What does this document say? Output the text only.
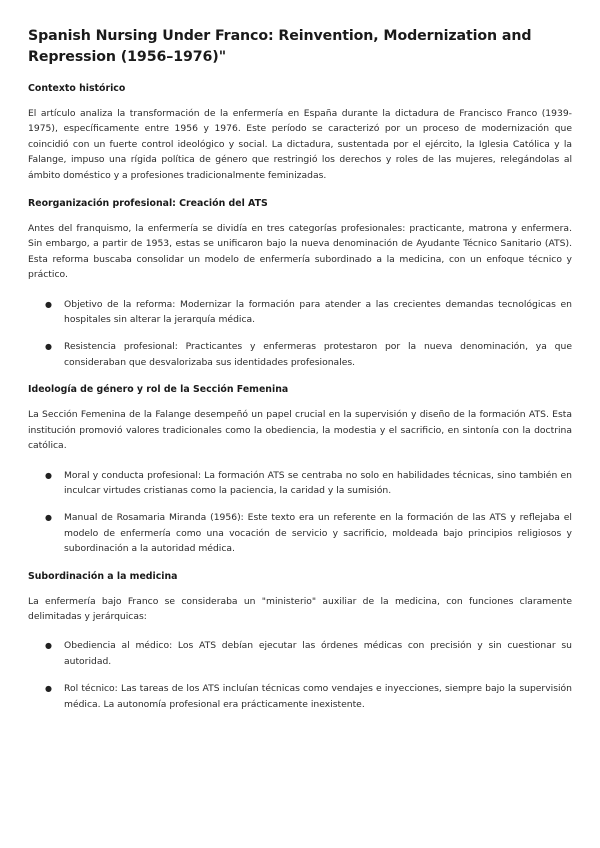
Spanish Nursing Under Franco: Reinvention, Modernization and Repression (1956–1976)"
Contexto histórico

El artículo analiza la transformación de la enfermería en España durante la dictadura de Francisco Franco (1939-1975), específicamente entre 1956 y 1976. Este período se caracterizó por un proceso de modernización que coincidió con un fuerte control ideológico y social. La dictadura, sustentada por el ejército, la Iglesia Católica y la Falange, impuso una rígida política de género que restringió los derechos y roles de las mujeres, relegándolas al ámbito doméstico y a profesiones tradicionalmente feminizadas.

Reorganización profesional: Creación del ATS

Antes del franquismo, la enfermería se dividía en tres categorías profesionales: practicante, matrona y enfermera. Sin embargo, a partir de 1953, estas se unificaron bajo la nueva denominación de Ayudante Técnico Sanitario (ATS). Esta reforma buscaba consolidar un modelo de enfermería subordinado a la medicina, con un enfoque técnico y práctico.

● Objetivo de la reforma: Modernizar la formación para atender a las crecientes demandas tecnológicas en hospitales sin alterar la jerarquía médica.
● Resistencia profesional: Practicantes y enfermeras protestaron por la nueva denominación, ya que consideraban que desvalorizaba sus identidades profesionales.
Ideología de género y rol de la Sección Femenina

La Sección Femenina de la Falange desempeñó un papel crucial en la supervisión y diseño de la formación ATS. Esta institución promovió valores tradicionales como la obediencia, la modestia y el sacrificio, en sintonía con la doctrina católica.

● Moral y conducta profesional: La formación ATS se centraba no solo en habilidades técnicas, sino también en inculcar virtudes cristianas como la paciencia, la caridad y la sumisión.
● Manual de Rosamaria Miranda (1956): Este texto era un referente en la formación de las ATS y reflejaba el modelo de enfermería como una vocación de servicio y sacrificio, moldeada bajo principios religiosos y subordinación a la autoridad médica.
Subordinación a la medicina

La enfermería bajo Franco se consideraba un "ministerio" auxiliar de la medicina, con funciones claramente delimitadas y jerárquicas:

● Obediencia al médico: Los ATS debían ejecutar las órdenes médicas con precisión y sin cuestionar su autoridad.
● Rol técnico: Las tareas de los ATS incluían técnicas como vendajes e inyecciones, siempre bajo la supervisión médica. La autonomía profesional era prácticamente inexistente.
